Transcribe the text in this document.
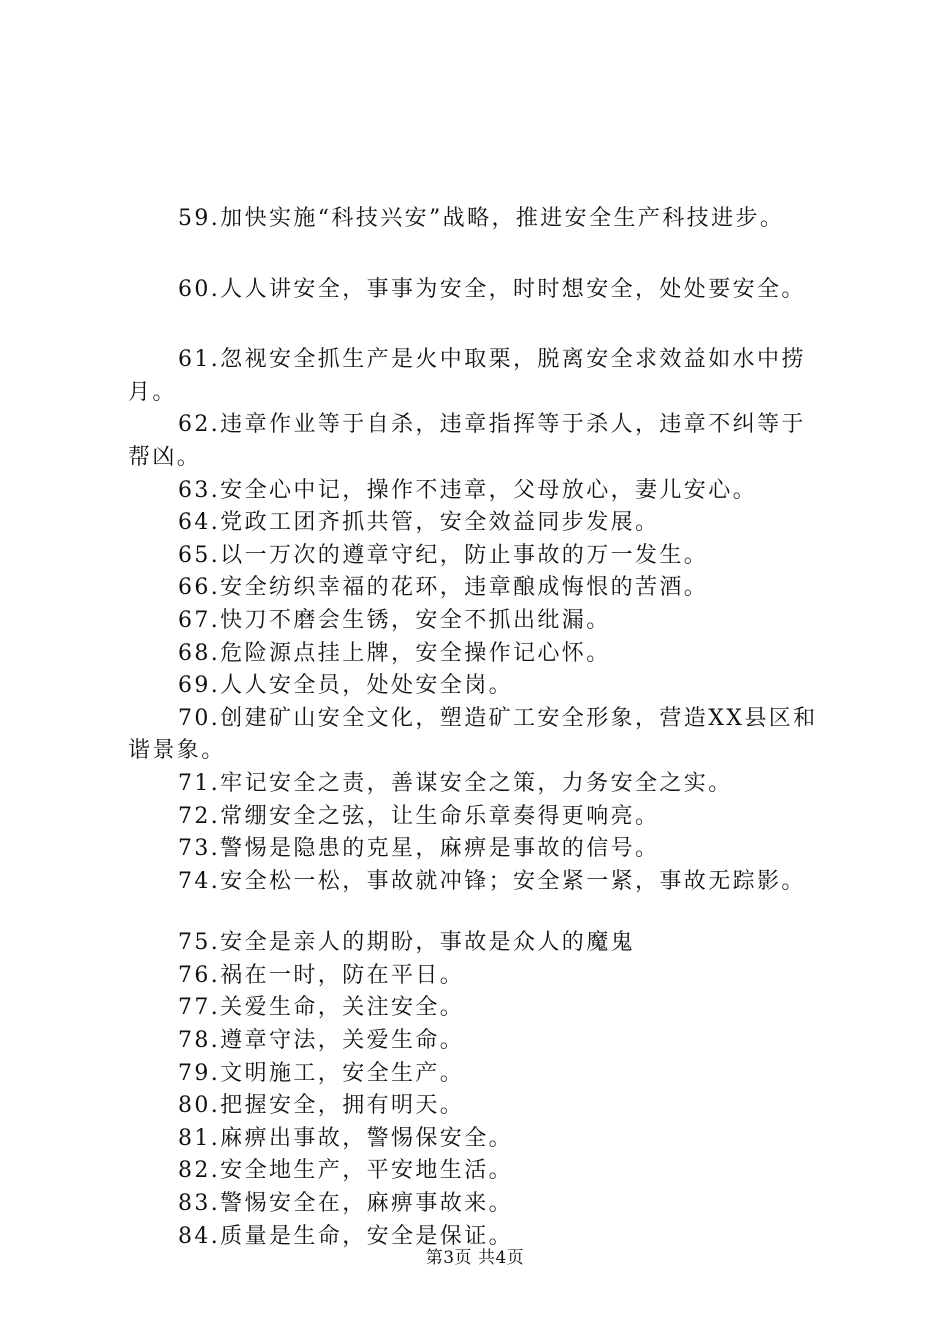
59.加快实施“科技兴安”战略，推进安全生产科技进步。

60.人人讲安全，事事为安全，时时想安全，处处要安全。

61.忽视安全抓生产是火中取栗，脱离安全求效益如水中捞月。

62.违章作业等于自杀，违章指挥等于杀人，违章不纠等于帮凶。

63.安全心中记，操作不违章，父母放心，妻儿安心。

64.党政工团齐抓共管，安全效益同步发展。

65.以一万次的遵章守纪，防止事故的万一发生。

66.安全纺织幸福的花环，违章酿成悔恨的苦酒。

67.快刀不磨会生锈，安全不抓出纰漏。

68.危险源点挂上牌，安全操作记心怀。

69.人人安全员，处处安全岗。

70.创建矿山安全文化，塑造矿工安全形象，营造XX县区和谐景象。

71.牢记安全之责，善谋安全之策，力务安全之实。

72.常绷安全之弦，让生命乐章奏得更响亮。

73.警惕是隐患的克星，麻痹是事故的信号。

74.安全松一松，事故就冲锋；安全紧一紧，事故无踪影。

75.安全是亲人的期盼，事故是众人的魔鬼

76.祸在一时，防在平日。

77.关爱生命，关注安全。

78.遵章守法，关爱生命。

79.文明施工，安全生产。

80.把握安全，拥有明天。

81.麻痹出事故，警惕保安全。

82.安全地生产，平安地生活。

83.警惕安全在，麻痹事故来。

84.质量是生命，安全是保证。

第3页 共4页
